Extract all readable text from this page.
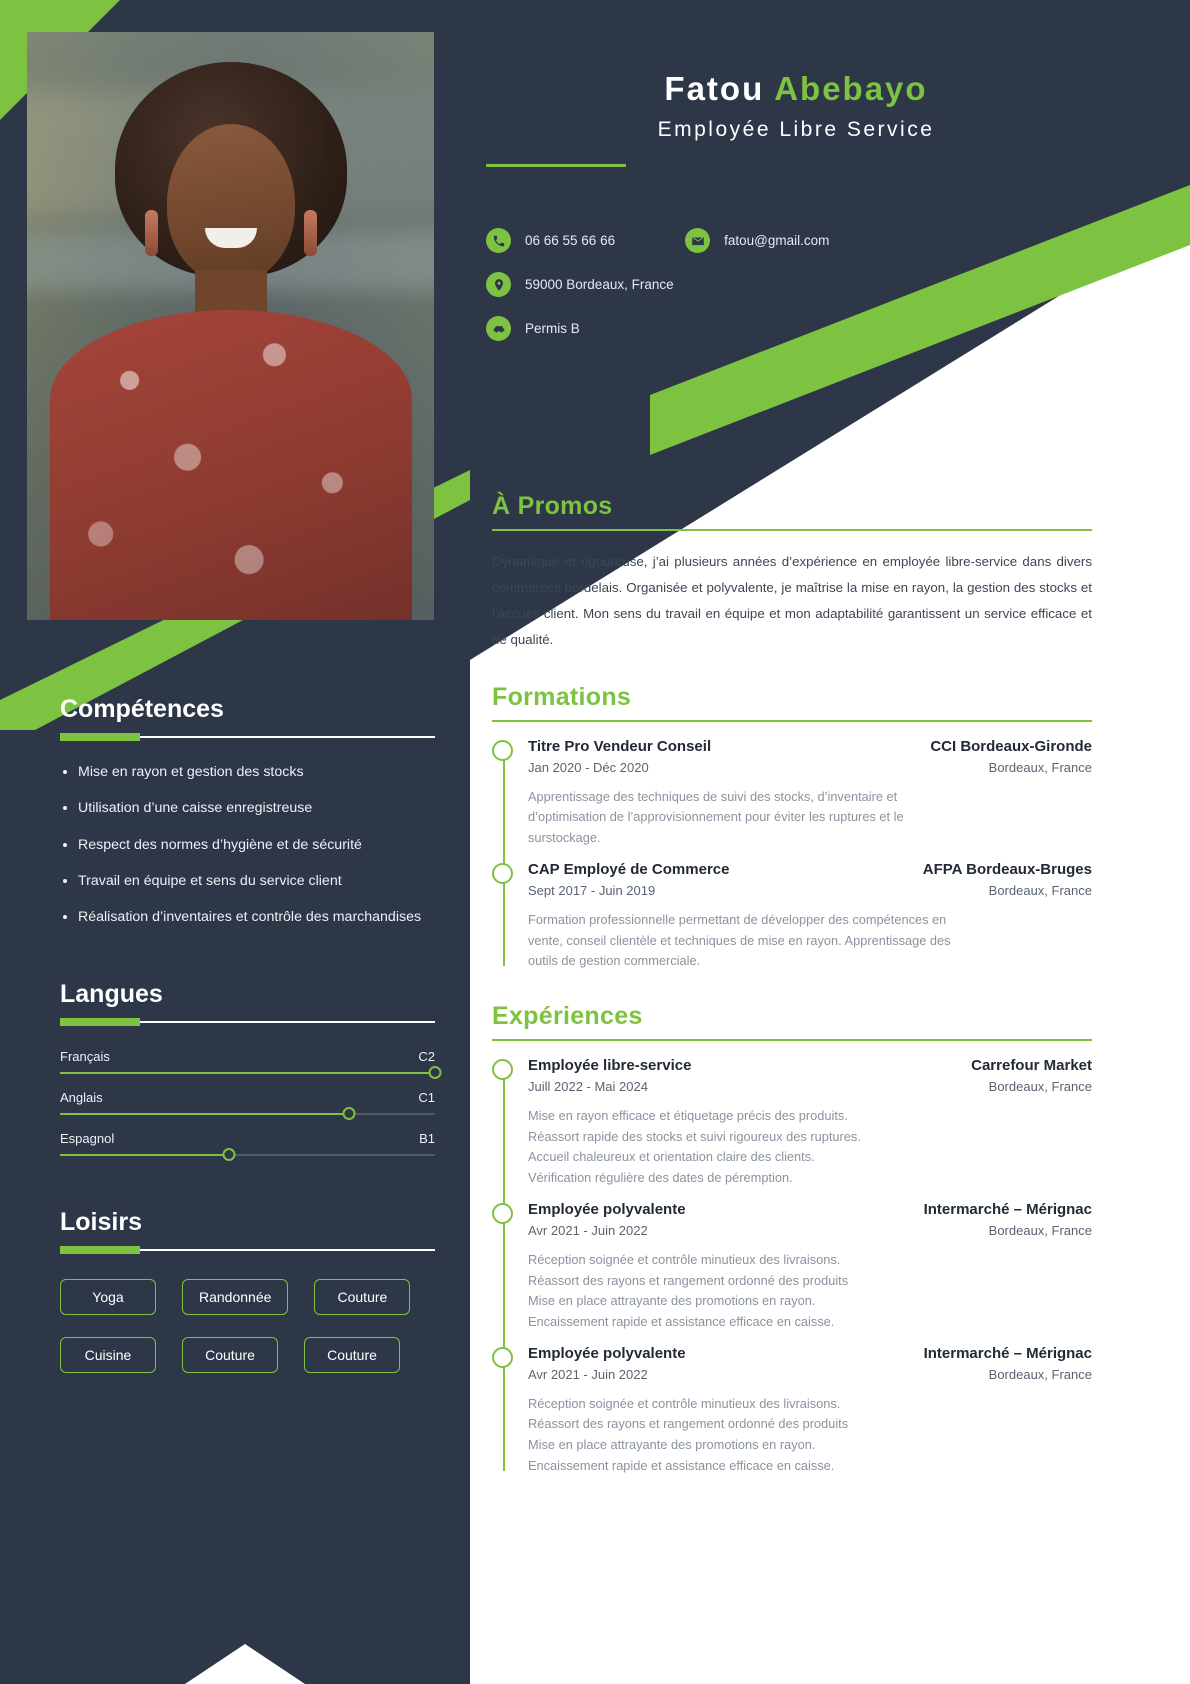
Fatou Abebayo
Employée Libre Service
06 66 55 66 66	fatou@gmail.com
59000 Bordeaux, France
Permis B
À Promos

Dynamique et rigoureuse, j’ai plusieurs années d’expérience en employée libre-service dans divers commerces bordelais. Organisée et polyvalente, je maîtrise la mise en rayon, la gestion des stocks et l’accueil client. Mon sens du travail en équipe et mon adaptabilité garantissent un service efficace et de qualité.

Formations
Titre Pro Vendeur Conseil	CCI Bordeaux-Gironde
Jan 2020 - Déc 2020	Bordeaux, France
Apprentissage des techniques de suivi des stocks, d’inventaire et
d’optimisation de l’approvisionnement pour éviter les ruptures et le
surstockage.
CAP Employé de Commerce	AFPA Bordeaux-Bruges
Sept 2017 - Juin 2019	Bordeaux, France
Formation professionnelle permettant de développer des compétences en
vente, conseil clientèle et techniques de mise en rayon. Apprentissage des
outils de gestion commerciale.
Expériences
Employée libre-service	Carrefour Market
Juill 2022 - Mai 2024	Bordeaux, France
Mise en rayon efficace et étiquetage précis des produits.
Réassort rapide des stocks et suivi rigoureux des ruptures.
Accueil chaleureux et orientation claire des clients.
Vérification régulière des dates de péremption.
Employée polyvalente	Intermarché – Mérignac
Avr 2021 - Juin 2022	Bordeaux, France
Réception soignée et contrôle minutieux des livraisons.
Réassort des rayons et rangement ordonné des produits
Mise en place attrayante des promotions en rayon.
Encaissement rapide et assistance efficace en caisse.
Employée polyvalente	Intermarché – Mérignac
Avr 2021 - Juin 2022	Bordeaux, France
Réception soignée et contrôle minutieux des livraisons.
Réassort des rayons et rangement ordonné des produits
Mise en place attrayante des promotions en rayon.
Encaissement rapide et assistance efficace en caisse.
Compétences
• Mise en rayon et gestion des stocks
• Utilisation d’une caisse enregistreuse
• Respect des normes d’hygiène et de sécurité
• Travail en équipe et sens du service client
• Réalisation d’inventaires et contrôle des marchandises
Langues
Français	C2
Anglais	C1
Espagnol	B1
Loisirs
Yoga	Randonnée	Couture
Cuisine	Couture	Couture
